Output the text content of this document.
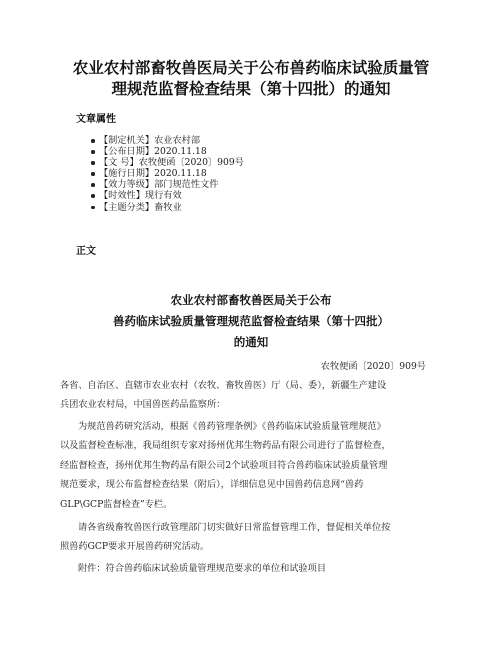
农业农村部畜牧兽医局关于公布兽药临床试验质量管
理规范监督检查结果（第十四批）的通知
文章属性
【制定机关】农业农村部
【公布日期】2020.11.18
【文 号】农牧便函〔2020〕909号
【施行日期】2020.11.18
【效力等级】部门规范性文件
【时效性】现行有效
【主题分类】畜牧业
正文
农业农村部畜牧兽医局关于公布
兽药临床试验质量管理规范监督检查结果（第十四批）
的通知
农牧便函〔2020〕909号
各省、自治区、直辖市农业农村（农牧、畜牧兽医）厅（局、委），新疆生产建设
兵团农业农村局，中国兽医药品监察所：
为规范兽药研究活动，根据《兽药管理条例》《兽药临床试验质量管理规范》
以及监督检查标准，我局组织专家对扬州优邦生物药品有限公司进行了监督检查，
经监督检查，扬州优邦生物药品有限公司2个试验项目符合兽药临床试验质量管理
规范要求，现公布监督检查结果（附后），详细信息见中国兽药信息网“兽药
GLP\GCP监督检查”专栏。
请各省级畜牧兽医行政管理部门切实做好日常监督管理工作，督促相关单位按
照兽药GCP要求开展兽药研究活动。
附件：符合兽药临床试验质量管理规范要求的单位和试验项目
